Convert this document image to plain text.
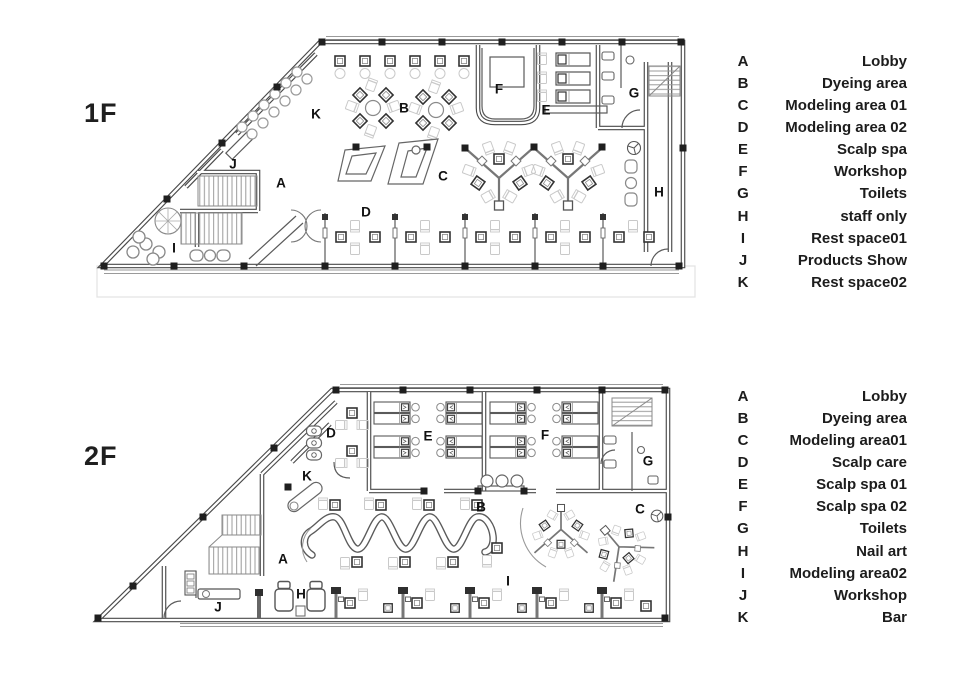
1F
2F
A
B
C
D
E
F	G
H
I
J
K
A
B	C
D	E	F
G
H
I
J
K
A	Lobby
B	Dyeing area
C	Modeling area 01
D	Modeling area 02
E	Scalp spa
F	Workshop
G	Toilets
H	staff only
I	Rest space01
J	Products Show
K	Rest space02
A	Lobby
B	Dyeing area
C	Modeling area01
D	Scalp care
E	Scalp spa 01
F	Scalp spa 02
G	Toilets
H	Nail art
I	Modeling area02
J	Workshop
K	Bar
